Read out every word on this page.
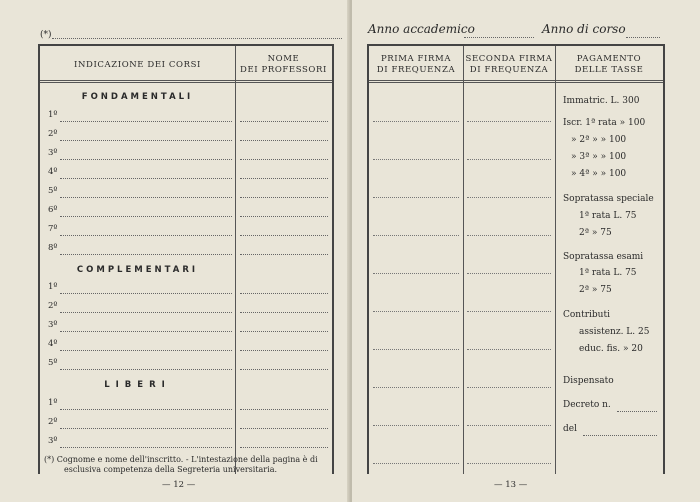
(*)
INDICAZIONE DEI CORSI
NOME
DEI PROFESSORI
FONDAMENTALI
1º
2º
3º
4º
5º
6º
7º
8º
COMPLEMENTARI
1º
2º
3º
4º
5º
LIBERI
1º
2º
3º
(*) Cognome e nome dell'inscritto. - L'intestazione della pagina è di
esclusiva competenza della Segreteria universitaria.
— 12 —
Anno accademico	Anno di corso
PRIMA FIRMA
DI FREQUENZA
SECONDA FIRMA
DI FREQUENZA
PAGAMENTO
DELLE TASSE
Immatric. L. 300
Iscr. 1ª rata » 100
» 2ª » » 100
» 3ª » » 100
» 4ª » » 100
Sopratassa speciale
1ª rata L. 75
2ª » 75
Sopratassa esami
1ª rata L. 75
2ª » 75
Contributi
assistenz. L. 25
educ. fis. » 20
Dispensato
Decreto n.
del
— 13 —
